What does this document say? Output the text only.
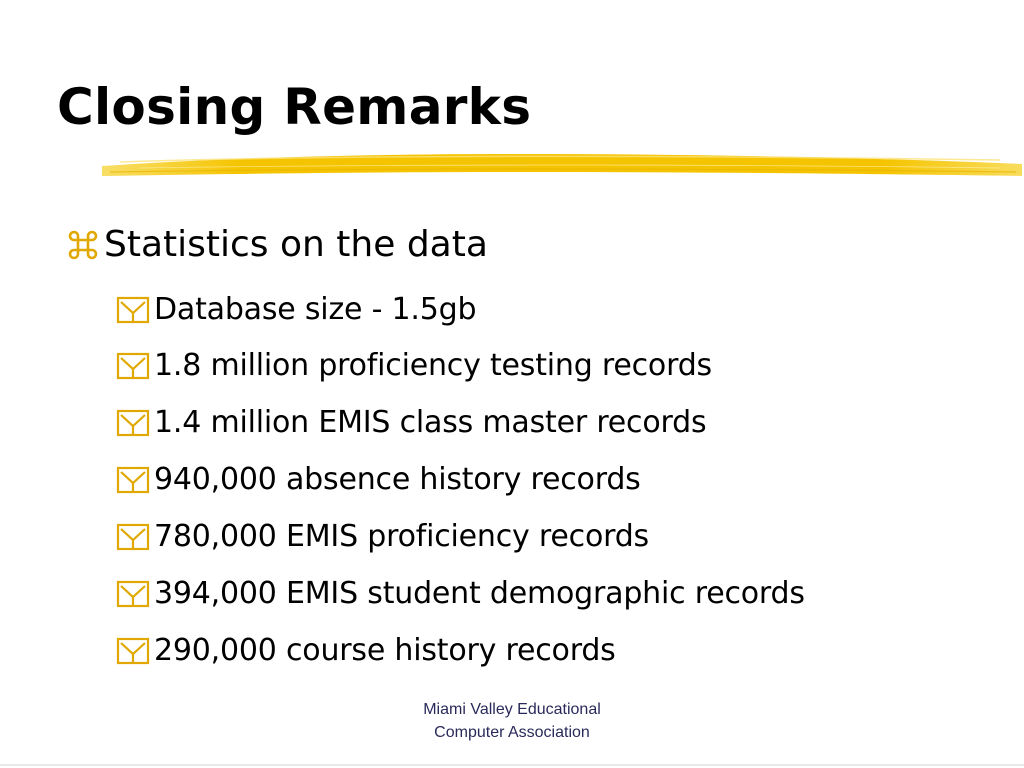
Closing Remarks
Statistics on the data
Database size - 1.5gb
1.8 million proficiency testing records
1.4 million EMIS class master records
940,000 absence history records
780,000 EMIS proficiency records
394,000 EMIS student demographic records
290,000 course history records
Miami Valley Educational
Computer Association
